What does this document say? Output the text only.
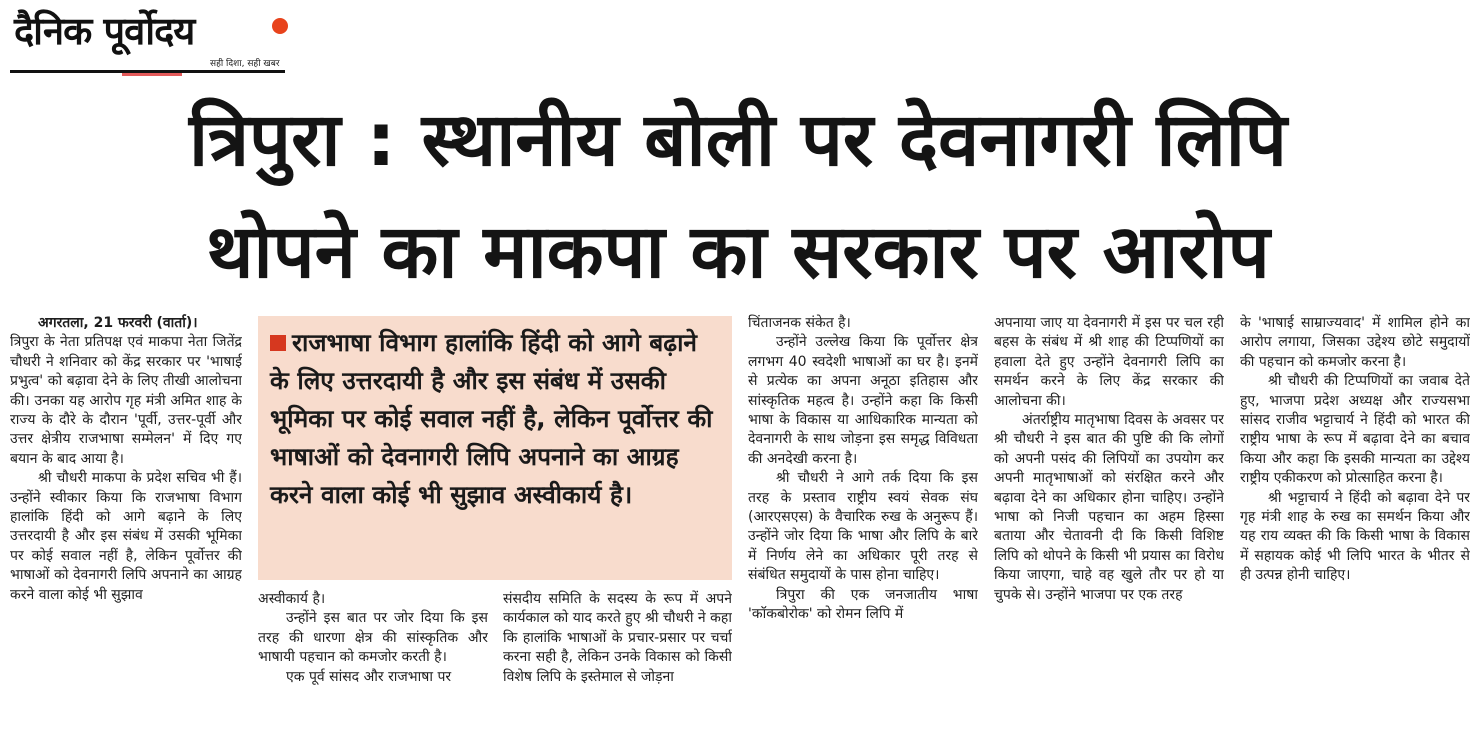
दैनिक पूर्वोदय
सही दिशा, सही खबर
त्रिपुरा : स्थानीय बोली पर देवनागरी लिपि
थोपने का माकपा का सरकार पर आरोप

अगरतला, 21 फरवरी (वार्ता)।

त्रिपुरा के नेता प्रतिपक्ष एवं माकपा नेता जितेंद्र चौधरी ने शनिवार को केंद्र सरकार पर 'भाषाई प्रभुत्व' को बढ़ावा देने के लिए तीखी आलोचना की। उनका यह आरोप गृह मंत्री अमित शाह के राज्य के दौरे के दौरान 'पूर्वी, उत्तर-पूर्वी और उत्तर क्षेत्रीय राजभाषा सम्मेलन' में दिए गए बयान के बाद आया है।

श्री चौधरी माकपा के प्रदेश सचिव भी हैं। उन्होंने स्वीकार किया कि राजभाषा विभाग हालांकि हिंदी को आगे बढ़ाने के लिए उत्तरदायी है और इस संबंध में उसकी भूमिका पर कोई सवाल नहीं है, लेकिन पूर्वोत्तर की भाषाओं को देवनागरी लिपि अपनाने का आग्रह करने वाला कोई भी सुझाव

राजभाषा विभाग हालांकि हिंदी को आगे बढ़ाने के लिए उत्तरदायी है और इस संबंध में उसकी भूमिका पर कोई सवाल नहीं है, लेकिन पूर्वोत्तर की भाषाओं को देवनागरी लिपि अपनाने का आग्रह करने वाला कोई भी सुझाव अस्वीकार्य है।

अस्वीकार्य है।

उन्होंने इस बात पर जोर दिया कि इस तरह की धारणा क्षेत्र की सांस्कृतिक और भाषायी पहचान को कमजोर करती है।

एक पूर्व सांसद और राजभाषा पर

संसदीय समिति के सदस्य के रूप में अपने कार्यकाल को याद करते हुए श्री चौधरी ने कहा कि हालांकि भाषाओं के प्रचार-प्रसार पर चर्चा करना सही है, लेकिन उनके विकास को किसी विशेष लिपि के इस्तेमाल से जोड़ना

चिंताजनक संकेत है।

उन्होंने उल्लेख किया कि पूर्वोत्तर क्षेत्र लगभग 40 स्वदेशी भाषाओं का घर है। इनमें से प्रत्येक का अपना अनूठा इतिहास और सांस्कृतिक महत्व है। उन्होंने कहा कि किसी भाषा के विकास या आधिकारिक मान्यता को देवनागरी के साथ जोड़ना इस समृद्ध विविधता की अनदेखी करना है।

श्री चौधरी ने आगे तर्क दिया कि इस तरह के प्रस्ताव राष्ट्रीय स्वयं सेवक संघ (आरएसएस) के वैचारिक रुख के अनुरूप हैं। उन्होंने जोर दिया कि भाषा और लिपि के बारे में निर्णय लेने का अधिकार पूरी तरह से संबंधित समुदायों के पास होना चाहिए।

त्रिपुरा की एक जनजातीय भाषा 'कॉकबोरोक' को रोमन लिपि में

अपनाया जाए या देवनागरी में इस पर चल रही बहस के संबंध में श्री शाह की टिप्पणियों का हवाला देते हुए उन्होंने देवनागरी लिपि का समर्थन करने के लिए केंद्र सरकार की आलोचना की।

अंतर्राष्ट्रीय मातृभाषा दिवस के अवसर पर श्री चौधरी ने इस बात की पुष्टि की कि लोगों को अपनी पसंद की लिपियों का उपयोग कर अपनी मातृभाषाओं को संरक्षित करने और बढ़ावा देने का अधिकार होना चाहिए। उन्होंने भाषा को निजी पहचान का अहम हिस्सा बताया और चेतावनी दी कि किसी विशिष्ट लिपि को थोपने के किसी भी प्रयास का विरोध किया जाएगा, चाहे वह खुले तौर पर हो या चुपके से। उन्होंने भाजपा पर एक तरह

के 'भाषाई साम्राज्यवाद' में शामिल होने का आरोप लगाया, जिसका उद्देश्य छोटे समुदायों की पहचान को कमजोर करना है।

श्री चौधरी की टिप्पणियों का जवाब देते हुए, भाजपा प्रदेश अध्यक्ष और राज्यसभा सांसद राजीव भट्टाचार्य ने हिंदी को भारत की राष्ट्रीय भाषा के रूप में बढ़ावा देने का बचाव किया और कहा कि इसकी मान्यता का उद्देश्य राष्ट्रीय एकीकरण को प्रोत्साहित करना है।

श्री भट्टाचार्य ने हिंदी को बढ़ावा देने पर गृह मंत्री शाह के रुख का समर्थन किया और यह राय व्यक्त की कि किसी भाषा के विकास में सहायक कोई भी लिपि भारत के भीतर से ही उत्पन्न होनी चाहिए।
